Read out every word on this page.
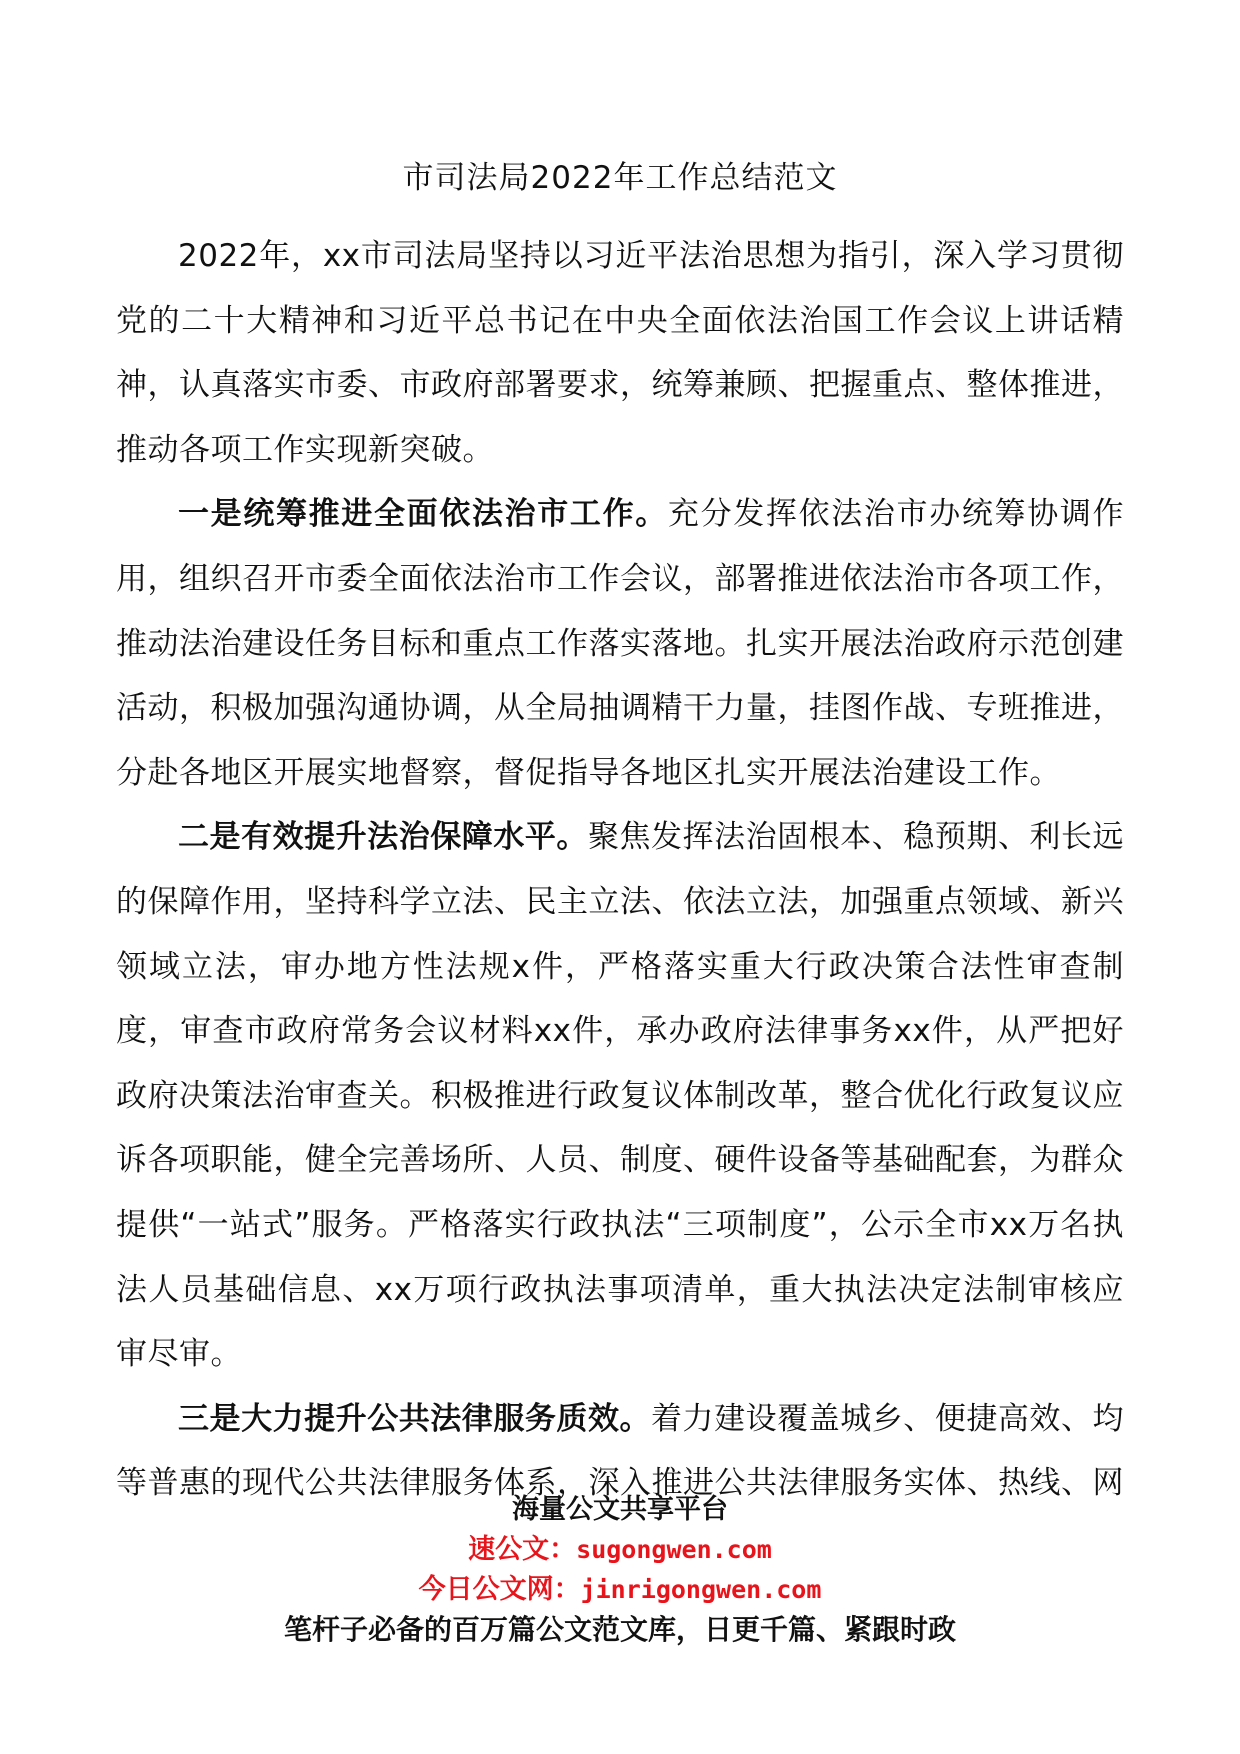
市司法局2022年工作总结范文

2022年，xx市司法局坚持以习近平法治思想为指引，深入学习贯彻党的二十大精神和习近平总书记在中央全面依法治国工作会议上讲话精神，认真落实市委、市政府部署要求，统筹兼顾、把握重点、整体推进，推动各项工作实现新突破。

一是统筹推进全面依法治市工作。充分发挥依法治市办统筹协调作用，组织召开市委全面依法治市工作会议，部署推进依法治市各项工作，推动法治建设任务目标和重点工作落实落地。扎实开展法治政府示范创建活动，积极加强沟通协调，从全局抽调精干力量，挂图作战、专班推进，分赴各地区开展实地督察，督促指导各地区扎实开展法治建设工作。

二是有效提升法治保障水平。聚焦发挥法治固根本、稳预期、利长远的保障作用，坚持科学立法、民主立法、依法立法，加强重点领域、新兴领域立法，审办地方性法规x件，严格落实重大行政决策合法性审查制度，审查市政府常务会议材料xx件，承办政府法律事务xx件，从严把好政府决策法治审查关。积极推进行政复议体制改革，整合优化行政复议应诉各项职能，健全完善场所、人员、制度、硬件设备等基础配套，为群众提供“一站式”服务。严格落实行政执法“三项制度”，公示全市xx万名执法人员基础信息、xx万项行政执法事项清单，重大执法决定法制审核应审尽审。

三是大力提升公共法律服务质效。着力建设覆盖城乡、便捷高效、均等普惠的现代公共法律服务体系，深入推进公共法律服务实体、热线、网

海量公文共享平台
速公文：sugongwen.com
今日公文网：jinrigongwen.com
笔杆子必备的百万篇公文范文库，日更千篇、紧跟时政
